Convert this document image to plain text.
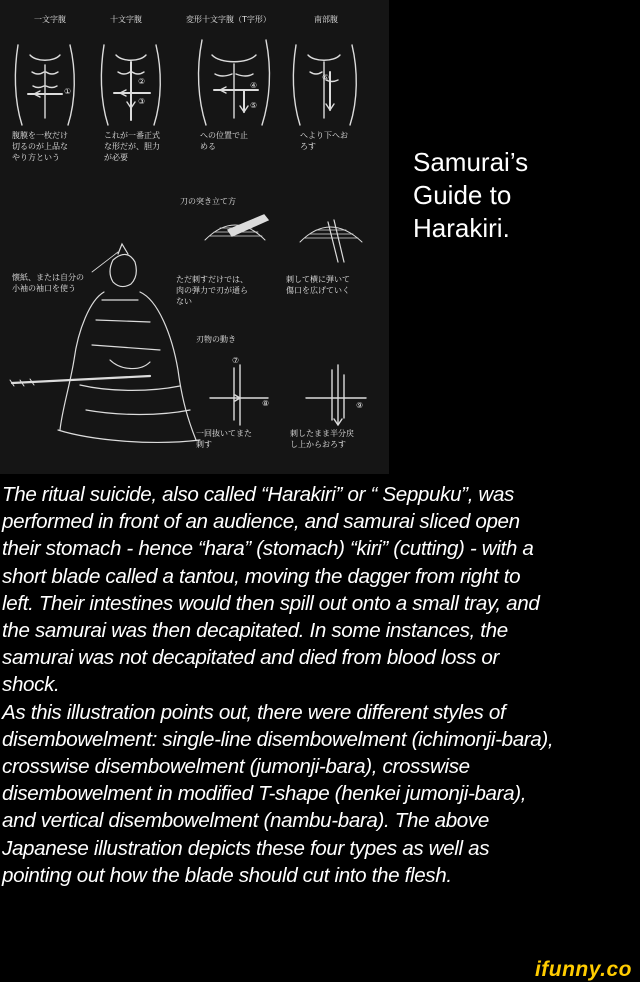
一文字腹	十文字腹	変形十文字腹（T字形）	南部腹
腹膜を一枚だけ
切るのが上品な
やり方という
これが一番正式
な形だが、胆力
が必要
への位置で止
める
へより下へお
ろす
刀の突き立て方
ただ刺すだけでは、
肉の弾力で刃が通ら
ない
刺して横に弾いて
傷口を広げていく
懐紙、または自分の
小袖の袖口を使う
刃物の動き
一回抜いてまた
刺す
刺したまま半分戻
し上からおろす
①
②
③
④
⑤
⑥
⑦
⑧	⑨
Samurai’s
Guide to
Harakiri.

The ritual suicide, also called “Harakiri” or “ Seppuku”, was
performed in front of an audience, and samurai sliced open
their stomach - hence “hara” (stomach) “kiri” (cutting) - with a
short blade called a tantou, moving the dagger from right to
left. Their intestines would then spill out onto a small tray, and
the samurai was then decapitated. In some instances, the
samurai was not decapitated and died from blood loss or
shock.

As this illustration points out, there were different styles of
disembowelment: single-line disembowelment (ichimonji-bara),
crosswise disembowelment (jumonji-bara), crosswise
disembowelment in modified T-shape (henkei jumonji-bara),
and vertical disembowelment (nambu-bara). The above
Japanese illustration depicts these four types as well as
pointing out how the blade should cut into the flesh.

ifunny.co
